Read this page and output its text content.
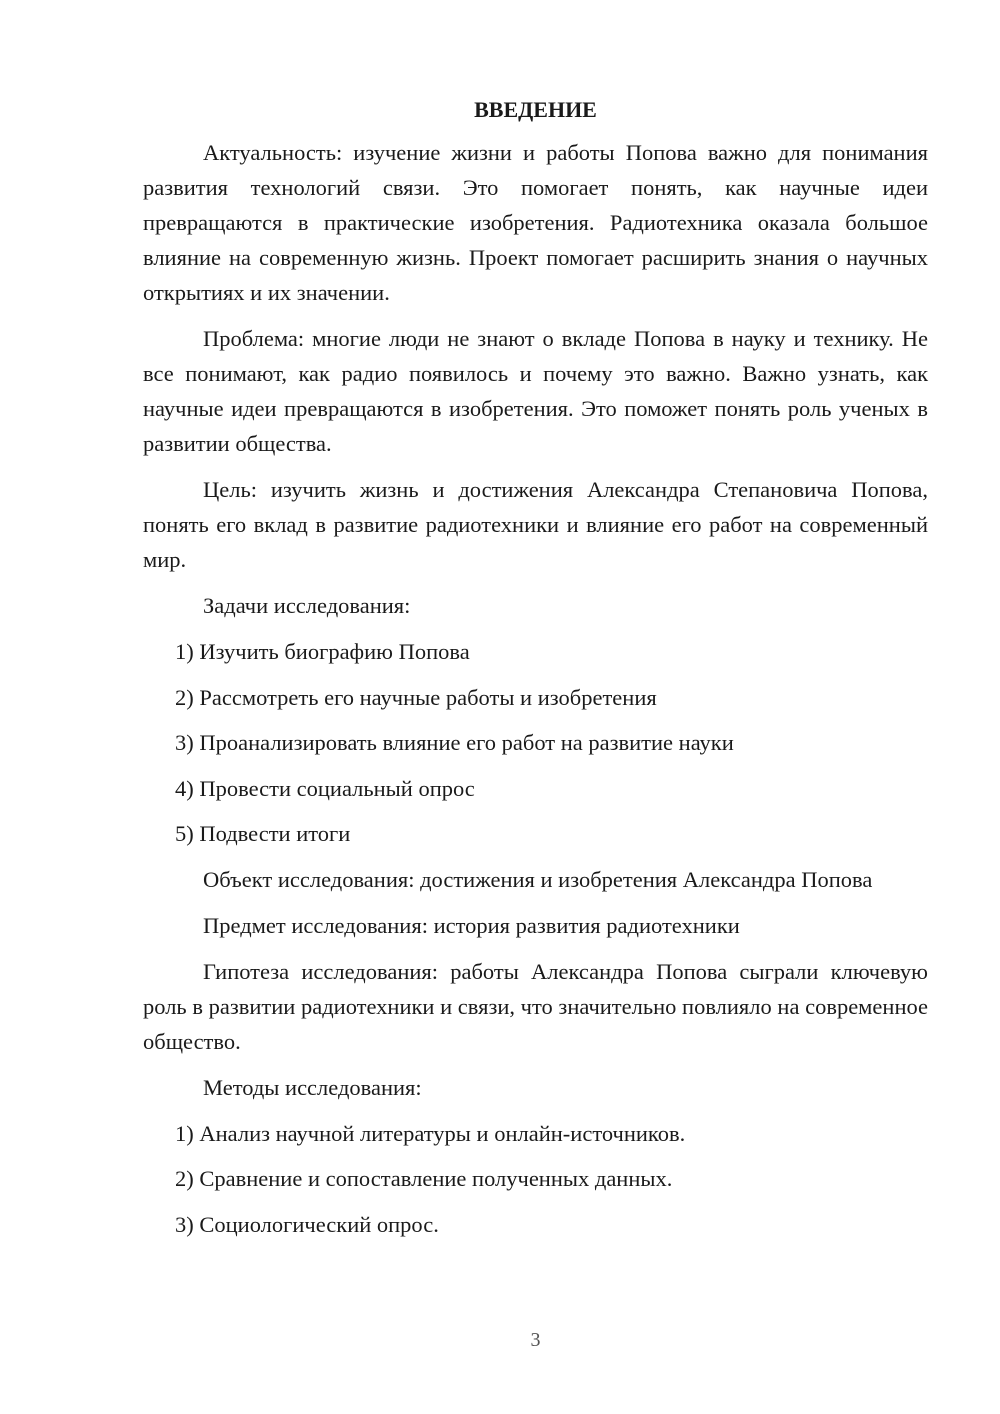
ВВЕДЕНИЕ

Актуальность: изучение жизни и работы Попова важно для понимания развития технологий связи. Это помогает понять, как научные идеи превращаются в практические изобретения. Радиотехника оказала большое влияние на современную жизнь. Проект помогает расширить знания о научных открытиях и их значении.

Проблема: многие люди не знают о вкладе Попова в науку и технику. Не все понимают, как радио появилось и почему это важно. Важно узнать, как научные идеи превращаются в изобретения. Это поможет понять роль ученых в развитии общества.

Цель: изучить жизнь и достижения Александра Степановича Попова, понять его вклад в развитие радиотехники и влияние его работ на современный мир.

Задачи исследования:

1) Изучить биографию Попова
2) Рассмотреть его научные работы и изобретения
3) Проанализировать влияние его работ на развитие науки
4) Провести социальный опрос
5) Подвести итоги

Объект исследования: достижения и изобретения Александра Попова

Предмет исследования: история развития радиотехники

Гипотеза исследования: работы Александра Попова сыграли ключевую роль в развитии радиотехники и связи, что значительно повлияло на современное общество.

Методы исследования:

1) Анализ научной литературы и онлайн-источников.
2) Сравнение и сопоставление полученных данных.
3) Социологический опрос.
3
